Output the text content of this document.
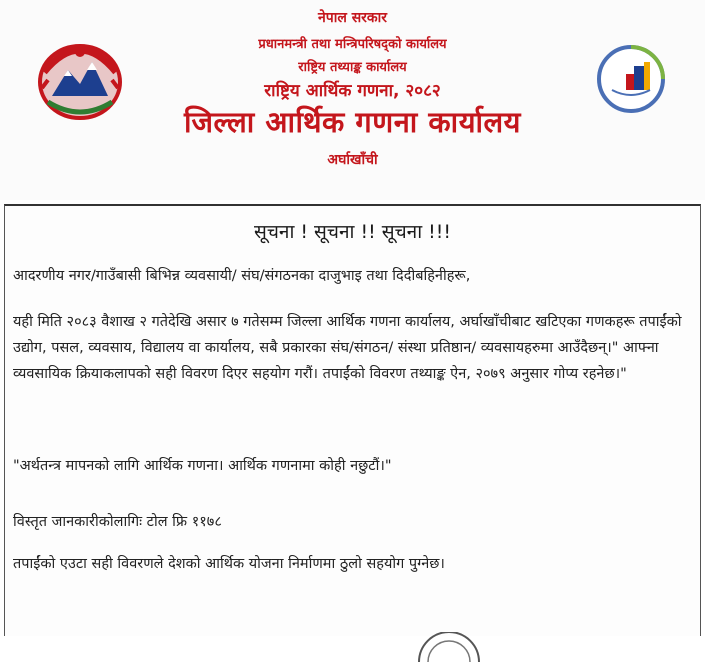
नेपाल सरकार
प्रधानमन्त्री तथा मन्त्रिपरिषद्को कार्यालय
राष्ट्रिय तथ्याङ्क कार्यालय
राष्ट्रिय आर्थिक गणना, २०८२
जिल्ला आर्थिक गणना कार्यालय
अर्घाखाँची
सूचना ! सूचना !! सूचना !!!
आदरणीय नगर/गाउँबासी बिभिन्न व्यवसायी/ संघ/संगठनका दाजुभाइ तथा दिदीबहिनीहरू,
यही मिति २०८३ वैशाख २ गतेदेखि असार ७ गतेसम्म जिल्ला आर्थिक गणना कार्यालय, अर्घाखाँचीबाट खटिएका गणकहरू तपाईंको उद्योग, पसल, व्यवसाय, विद्यालय वा कार्यालय, सबै प्रकारका संघ/संगठन/ संस्था प्रतिष्ठान/ व्यवसायहरुमा आउँदैछन्।" आफ्ना व्यवसायिक क्रियाकलापको सही विवरण दिएर सहयोग गरौं। तपाईंको विवरण तथ्याङ्क ऐन, २०७९ अनुसार गोप्य रहनेछ।"
"अर्थतन्त्र मापनको लागि आर्थिक गणना। आर्थिक गणनामा कोही नछुटौं।"
विस्तृत जानकारीकोलागिः टोल फ्रि ११७८
तपाईंको एउटा सही विवरणले देशको आर्थिक योजना निर्माणमा ठुलो सहयोग पुग्नेछ।
